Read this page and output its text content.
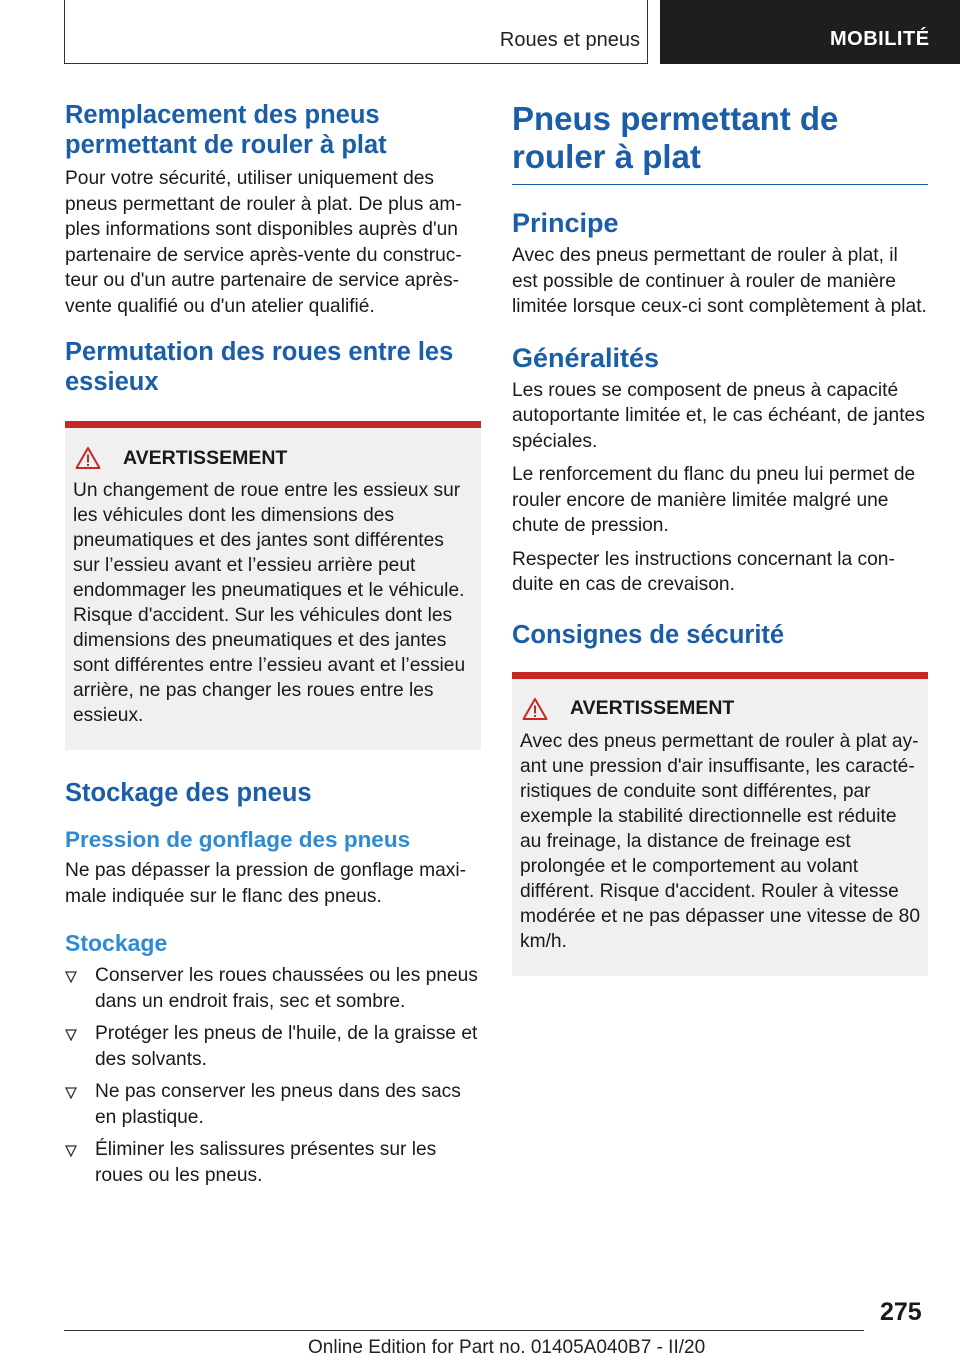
Roues et pneus	MOBILITÉ
Remplacement des pneus permettant de rouler à plat

Pour votre sécurité, utiliser uniquement des pneus permettant de rouler à plat. De plus amples informations sont disponibles auprès d'un partenaire de service après-vente du constructeur ou d'un autre partenaire de service après-vente qualifié ou d'un atelier qualifié.

Permutation des roues entre les essieux
AVERTISSEMENT

Un changement de roue entre les essieux sur les véhicules dont les dimensions des pneumatiques et des jantes sont différentes sur l’essieu avant et l’essieu arrière peut endommager les pneumatiques et le véhicule. Risque d'accident. Sur les véhicules dont les dimensions des pneumatiques et des jantes sont différentes entre l’essieu avant et l’essieu arrière, ne pas changer les roues entre les essieux.

Stockage des pneus
Pression de gonflage des pneus

Ne pas dépasser la pression de gonflage maximale indiquée sur le flanc des pneus.

Stockage
Conserver les roues chaussées ou les pneus dans un endroit frais, sec et sombre.
Protéger les pneus de l'huile, de la graisse et des solvants.
Ne pas conserver les pneus dans des sacs en plastique.
Éliminer les salissures présentes sur les roues ou les pneus.
Pneus permettant de rouler à plat
Principe

Avec des pneus permettant de rouler à plat, il est possible de continuer à rouler de manière limitée lorsque ceux-ci sont complètement à plat.

Généralités

Les roues se composent de pneus à capacité autoportante limitée et, le cas échéant, de jantes spéciales.

Le renforcement du flanc du pneu lui permet de rouler encore de manière limitée malgré une chute de pression.

Respecter les instructions concernant la conduite en cas de crevaison.

Consignes de sécurité
AVERTISSEMENT

Avec des pneus permettant de rouler à plat ayant une pression d'air insuffisante, les caractéristiques de conduite sont différentes, par exemple la stabilité directionnelle est réduite au freinage, la distance de freinage est prolongée et le comportement au volant différent. Risque d'accident. Rouler à vitesse modérée et ne pas dépasser une vitesse de 80 km/h.

275
Online Edition for Part no. 01405A040B7 - II/20
